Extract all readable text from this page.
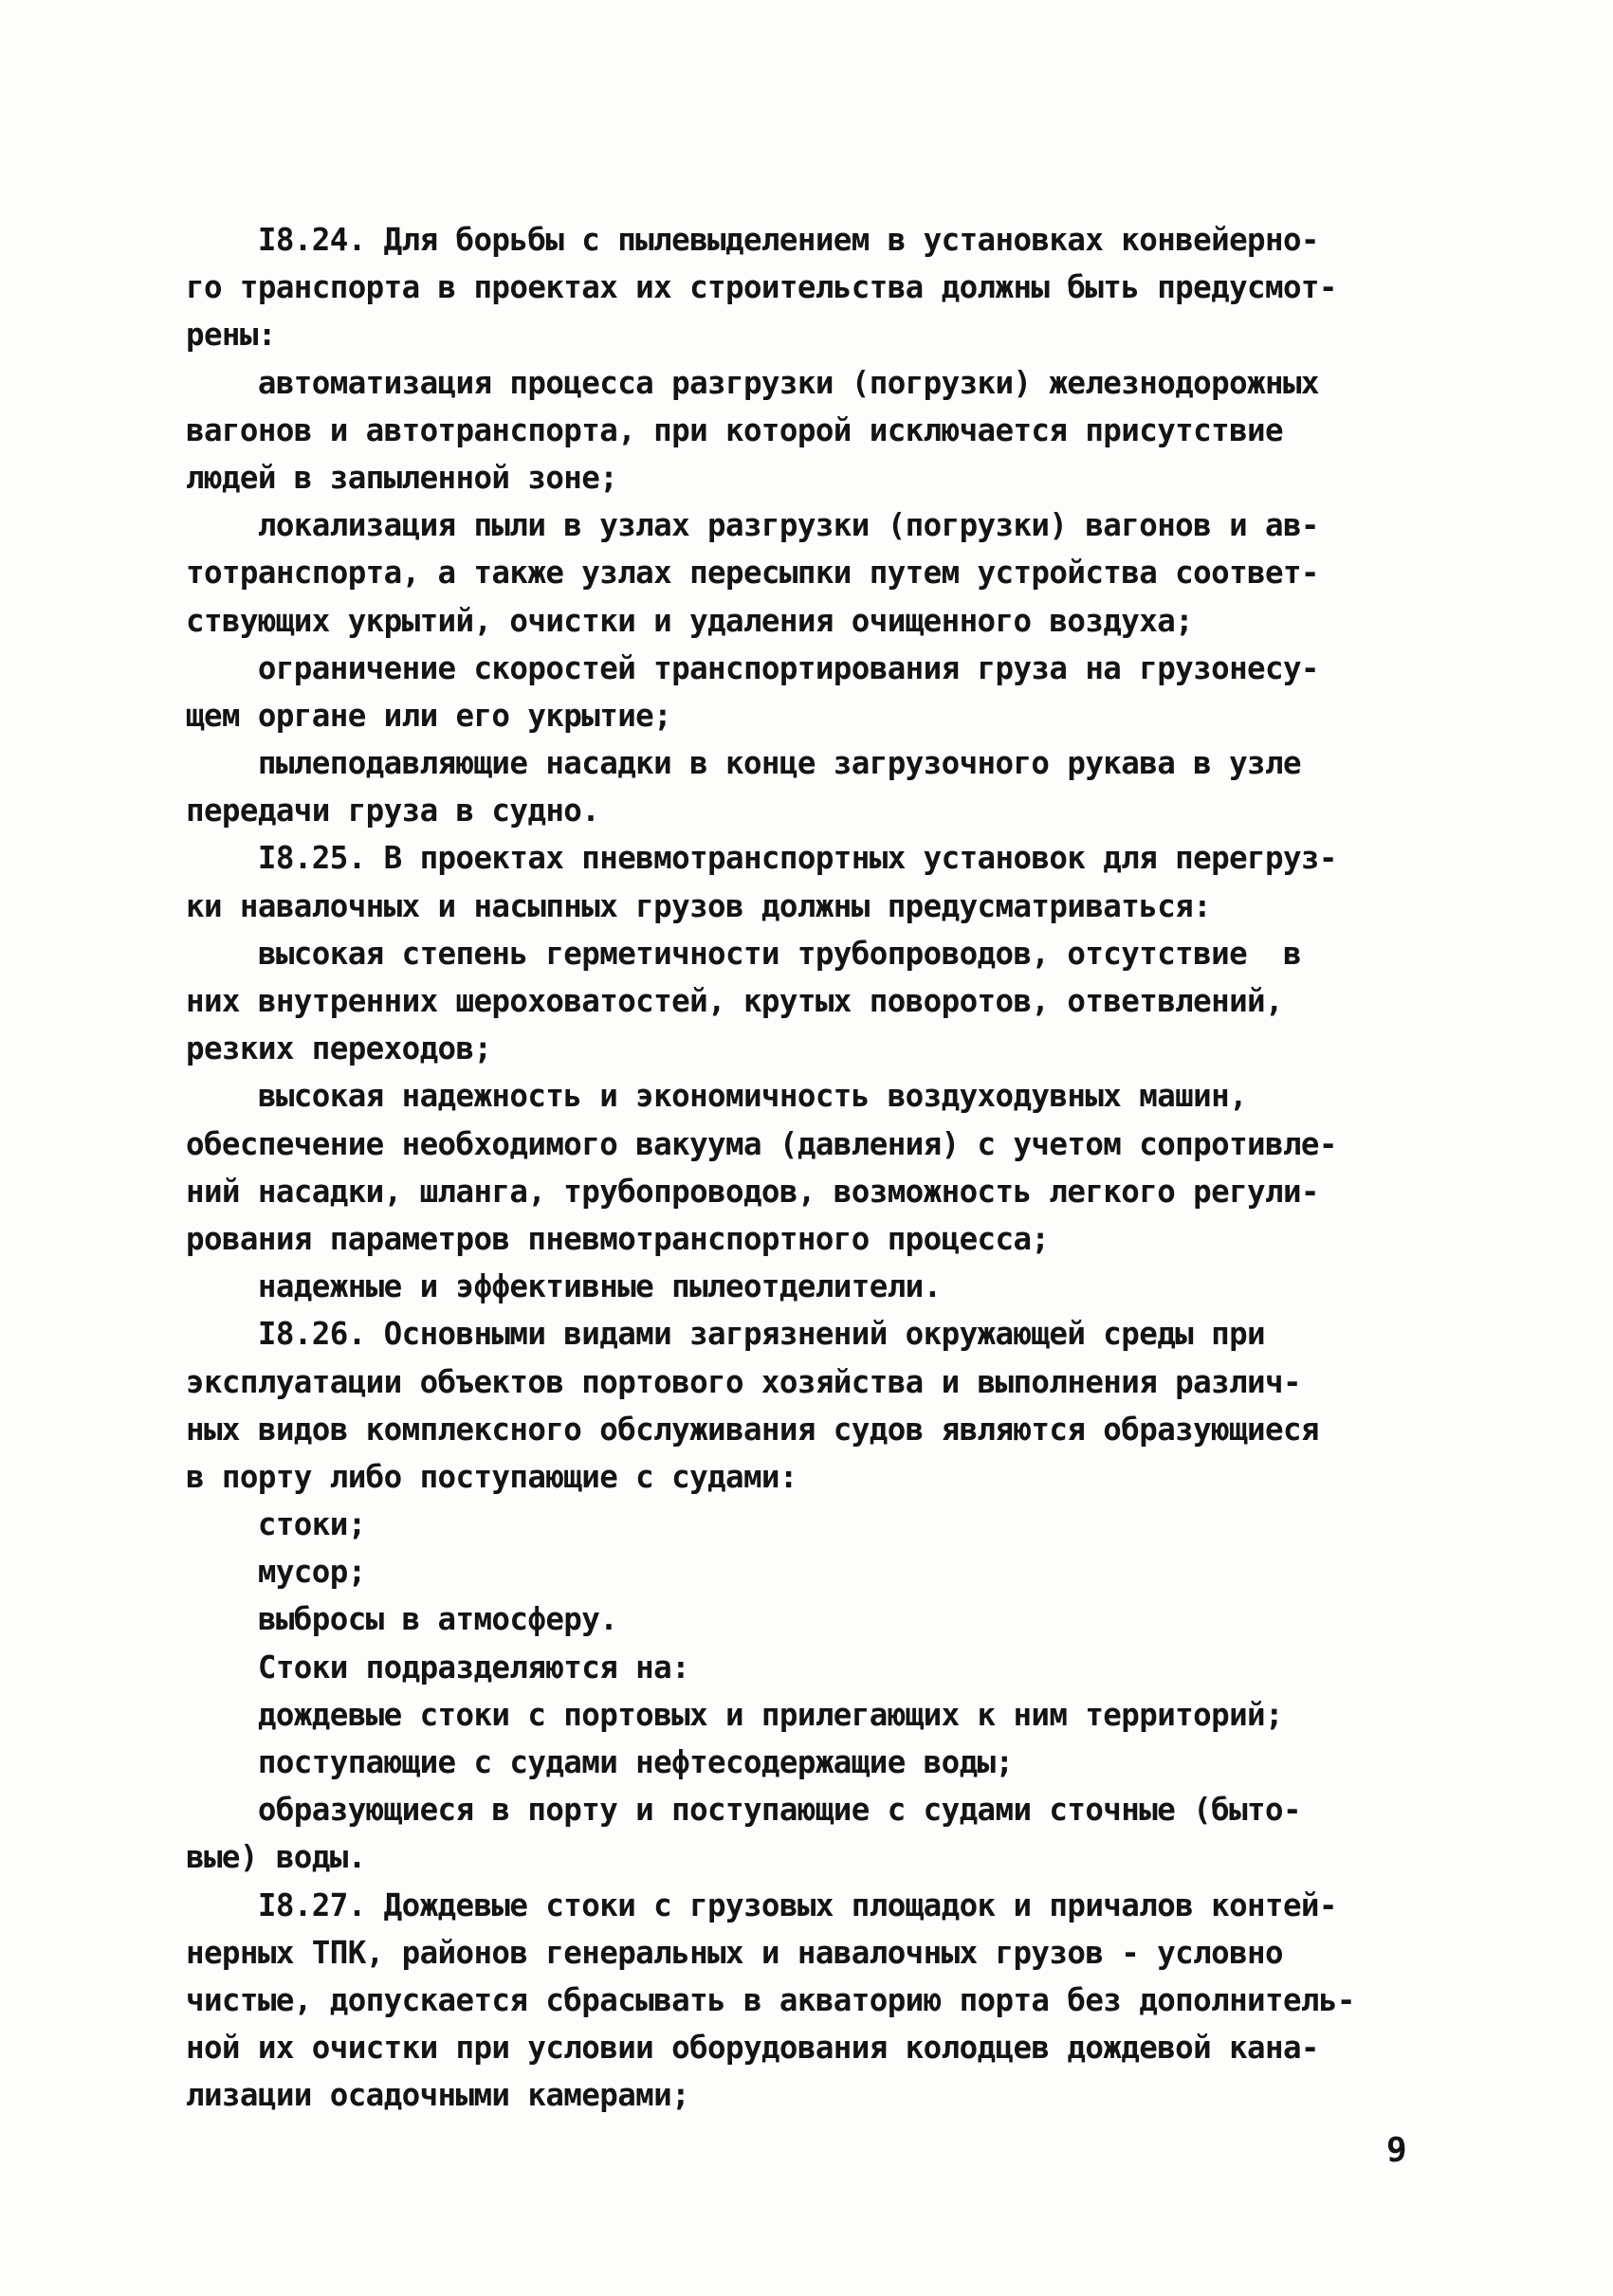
I8.24. Для борьбы с пылевыделением в установках конвейерно-
го транспорта в проектах их строительства должны быть предусмот-
рены:
автоматизация процесса разгрузки (погрузки) железнодорожных
вагонов и автотранспорта, при которой исключается присутствие
людей в запыленной зоне;
локализация пыли в узлах разгрузки (погрузки) вагонов и ав-
тотранспорта, а также узлах пересыпки путем устройства соответ-
ствующих укрытий, очистки и удаления очищенного воздуха;
ограничение скоростей транспортирования груза на грузонесу-
щем органе или его укрытие;
пылеподавляющие насадки в конце загрузочного рукава в узле
передачи груза в судно.
I8.25. В проектах пневмотранспортных установок для перегруз-
ки навалочных и насыпных грузов должны предусматриваться:
высокая степень герметичности трубопроводов, отсутствие  в
них внутренних шероховатостей, крутых поворотов, ответвлений,
резких переходов;
высокая надежность и экономичность воздуходувных машин,
обеспечение необходимого вакуума (давления) с учетом сопротивле-
ний насадки, шланга, трубопроводов, возможность легкого регули-
рования параметров пневмотранспортного процесса;
надежные и эффективные пылеотделители.
I8.26. Основными видами загрязнений окружающей среды при
эксплуатации объектов портового хозяйства и выполнения различ-
ных видов комплексного обслуживания судов являются образующиеся
в порту либо поступающие с судами:
стоки;
мусор;
выбросы в атмосферу.
Стоки подразделяются на:
дождевые стоки с портовых и прилегающих к ним территорий;
поступающие с судами нефтесодержащие воды;
образующиеся в порту и поступающие с судами сточные (быто-
вые) воды.
I8.27. Дождевые стоки с грузовых площадок и причалов контей-
нерных ТПК, районов генеральных и навалочных грузов - условно
чистые, допускается сбрасывать в акваторию порта без дополнитель-
ной их очистки при условии оборудования колодцев дождевой кана-
лизации осадочными камерами;
9
